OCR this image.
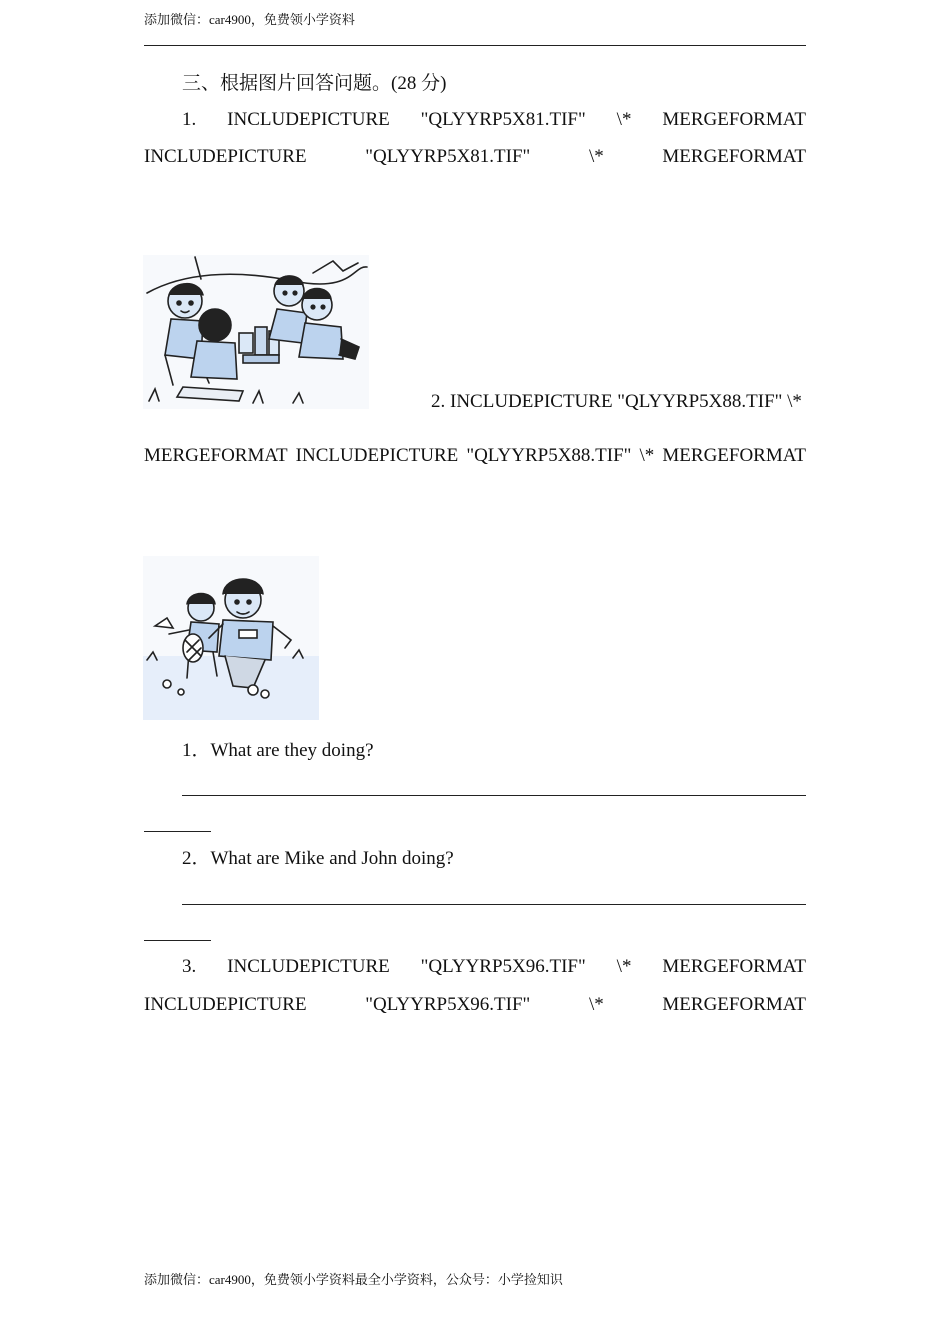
添加微信：car4900，免费领小学资料
三、根据图片回答问题。(28 分)
1. INCLUDEPICTURE "QLYYRP5X81.TIF" \* MERGEFORMAT
INCLUDEPICTURE	"QLYYRP5X81.TIF"	\*	MERGEFORMAT
2. INCLUDEPICTURE "QLYYRP5X88.TIF" \*
MERGEFORMAT INCLUDEPICTURE "QLYYRP5X88.TIF" \* MERGEFORMAT
1．What are they doing?
2．What are Mike and John doing?
3. INCLUDEPICTURE "QLYYRP5X96.TIF" \* MERGEFORMAT
INCLUDEPICTURE	"QLYYRP5X96.TIF"	\*	MERGEFORMAT
添加微信：car4900，免费领小学资料最全小学资料，公众号：小学捡知识
